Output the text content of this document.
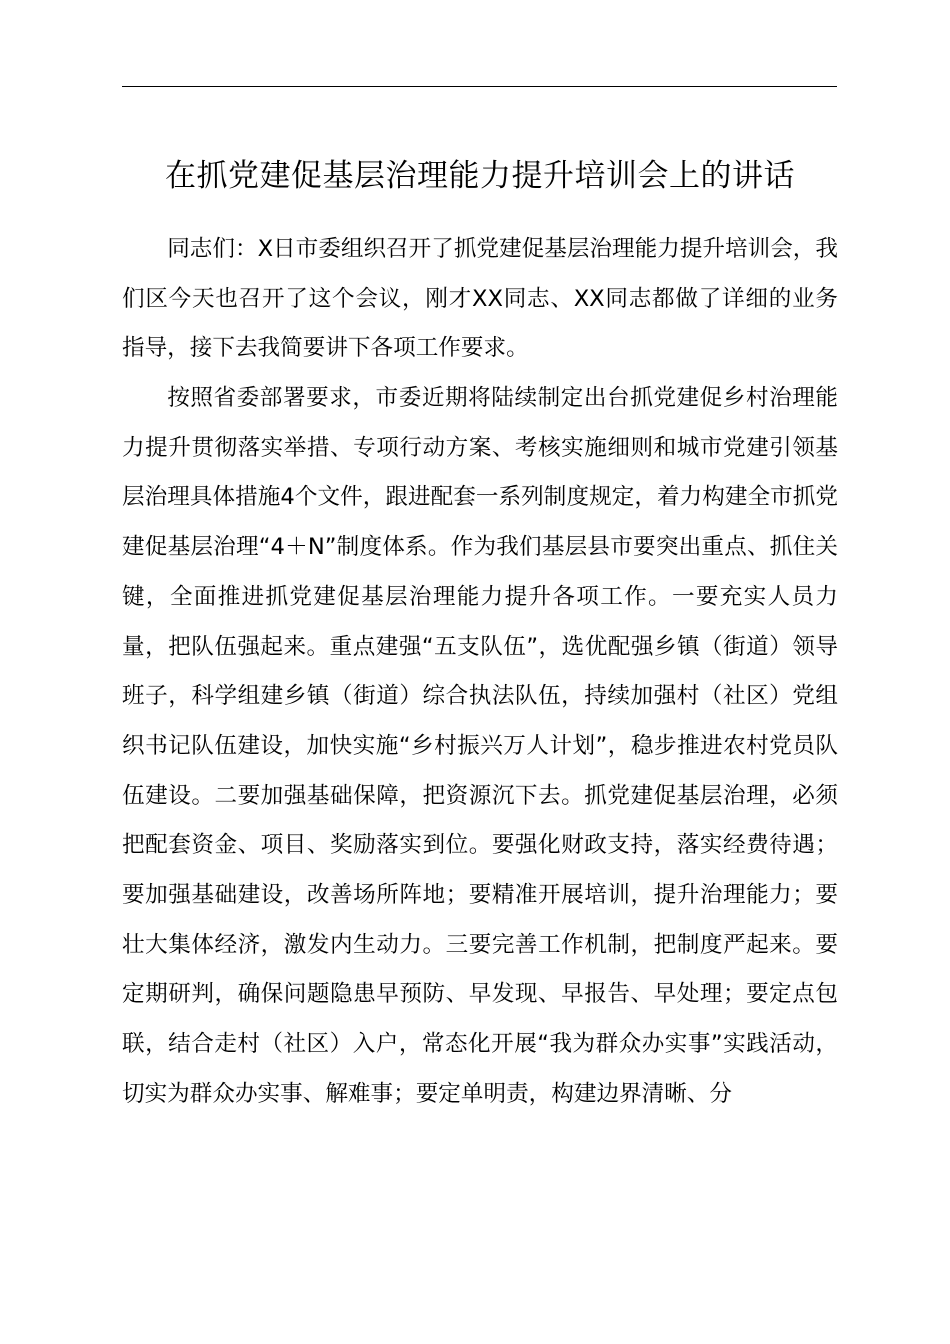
在抓党建促基层治理能力提升培训会上的讲话

同志们：X日市委组织召开了抓党建促基层治理能力提升培训会，我们区今天也召开了这个会议，刚才XX同志、XX同志都做了详细的业务指导，接下去我简要讲下各项工作要求。

按照省委部署要求，市委近期将陆续制定出台抓党建促乡村治理能力提升贯彻落实举措、专项行动方案、考核实施细则和城市党建引领基层治理具体措施4个文件，跟进配套一系列制度规定，着力构建全市抓党建促基层治理“4＋N”制度体系。作为我们基层县市要突出重点、抓住关键，全面推进抓党建促基层治理能力提升各项工作。一要充实人员力量，把队伍强起来。重点建强“五支队伍”，选优配强乡镇（街道）领导班子，科学组建乡镇（街道）综合执法队伍，持续加强村（社区）党组织书记队伍建设，加快实施“乡村振兴万人计划”，稳步推进农村党员队伍建设。二要加强基础保障，把资源沉下去。抓党建促基层治理，必须把配套资金、项目、奖励落实到位。要强化财政支持，落实经费待遇；要加强基础建设，改善场所阵地；要精准开展培训，提升治理能力；要壮大集体经济，激发内生动力。三要完善工作机制，把制度严起来。要定期研判，确保问题隐患早预防、早发现、早报告、早处理；要定点包联，结合走村（社区）入户，常态化开展“我为群众办实事”实践活动，切实为群众办实事、解难事；要定单明责，构建边界清晰、分
